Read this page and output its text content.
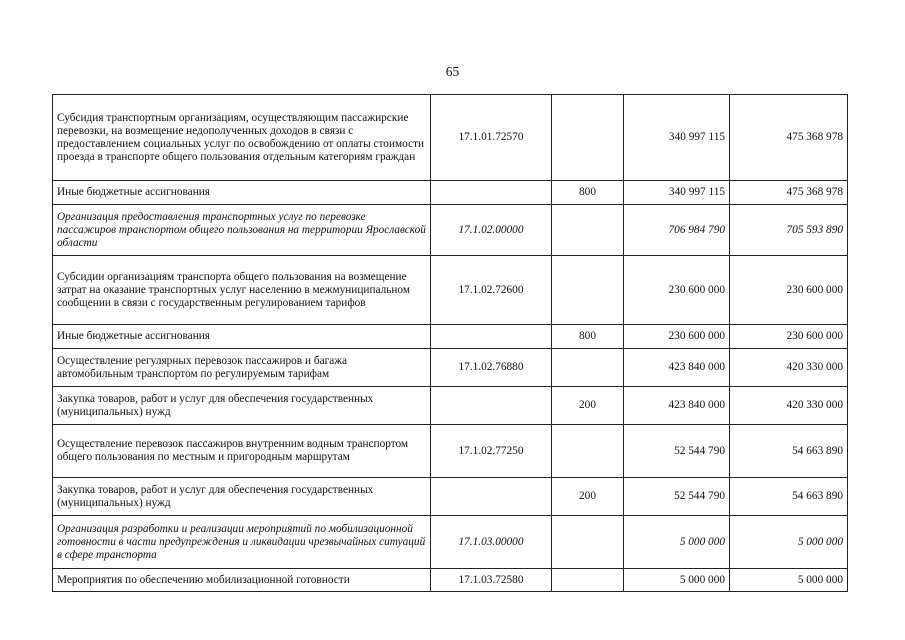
65
Субсидия транспортным организациям, осуществляющим пассажирские перевозки, на возмещение недополученных доходов в связи с предоставлением социальных услуг по освобождению от оплаты стоимости проезда в транспорте общего пользования отдельным категориям граждан	17.1.01.72570		340 997 115	475 368 978
Иные бюджетные ассигнования		800	340 997 115	475 368 978
Организация предоставления транспортных услуг по перевозке пассажиров транспортом общего пользования на территории Ярославской области	17.1.02.00000		706 984 790	705 593 890
Субсидии организациям транспорта общего пользования на возмещение затрат на оказание транспортных услуг населению в межмуниципальном сообщении в связи с государственным регулированием тарифов	17.1.02.72600		230 600 000	230 600 000
Иные бюджетные ассигнования		800	230 600 000	230 600 000
Осуществление регулярных перевозок пассажиров и багажа автомобильным транспортом по регулируемым тарифам	17.1.02.76880		423 840 000	420 330 000
Закупка товаров, работ и услуг для обеспечения государственных (муниципальных) нужд		200	423 840 000	420 330 000
Осуществление перевозок пассажиров внутренним водным транспортом общего пользования по местным и пригородным маршрутам	17.1.02.77250		52 544 790	54 663 890
Закупка товаров, работ и услуг для обеспечения государственных (муниципальных) нужд		200	52 544 790	54 663 890
Организация разработки и реализации мероприятий по мобилизационной готовности в части предупреждения и ликвидации чрезвычайных ситуаций в сфере транспорта	17.1.03.00000		5 000 000	5 000 000
Мероприятия по обеспечению мобилизационной готовности	17.1.03.72580		5 000 000	5 000 000
